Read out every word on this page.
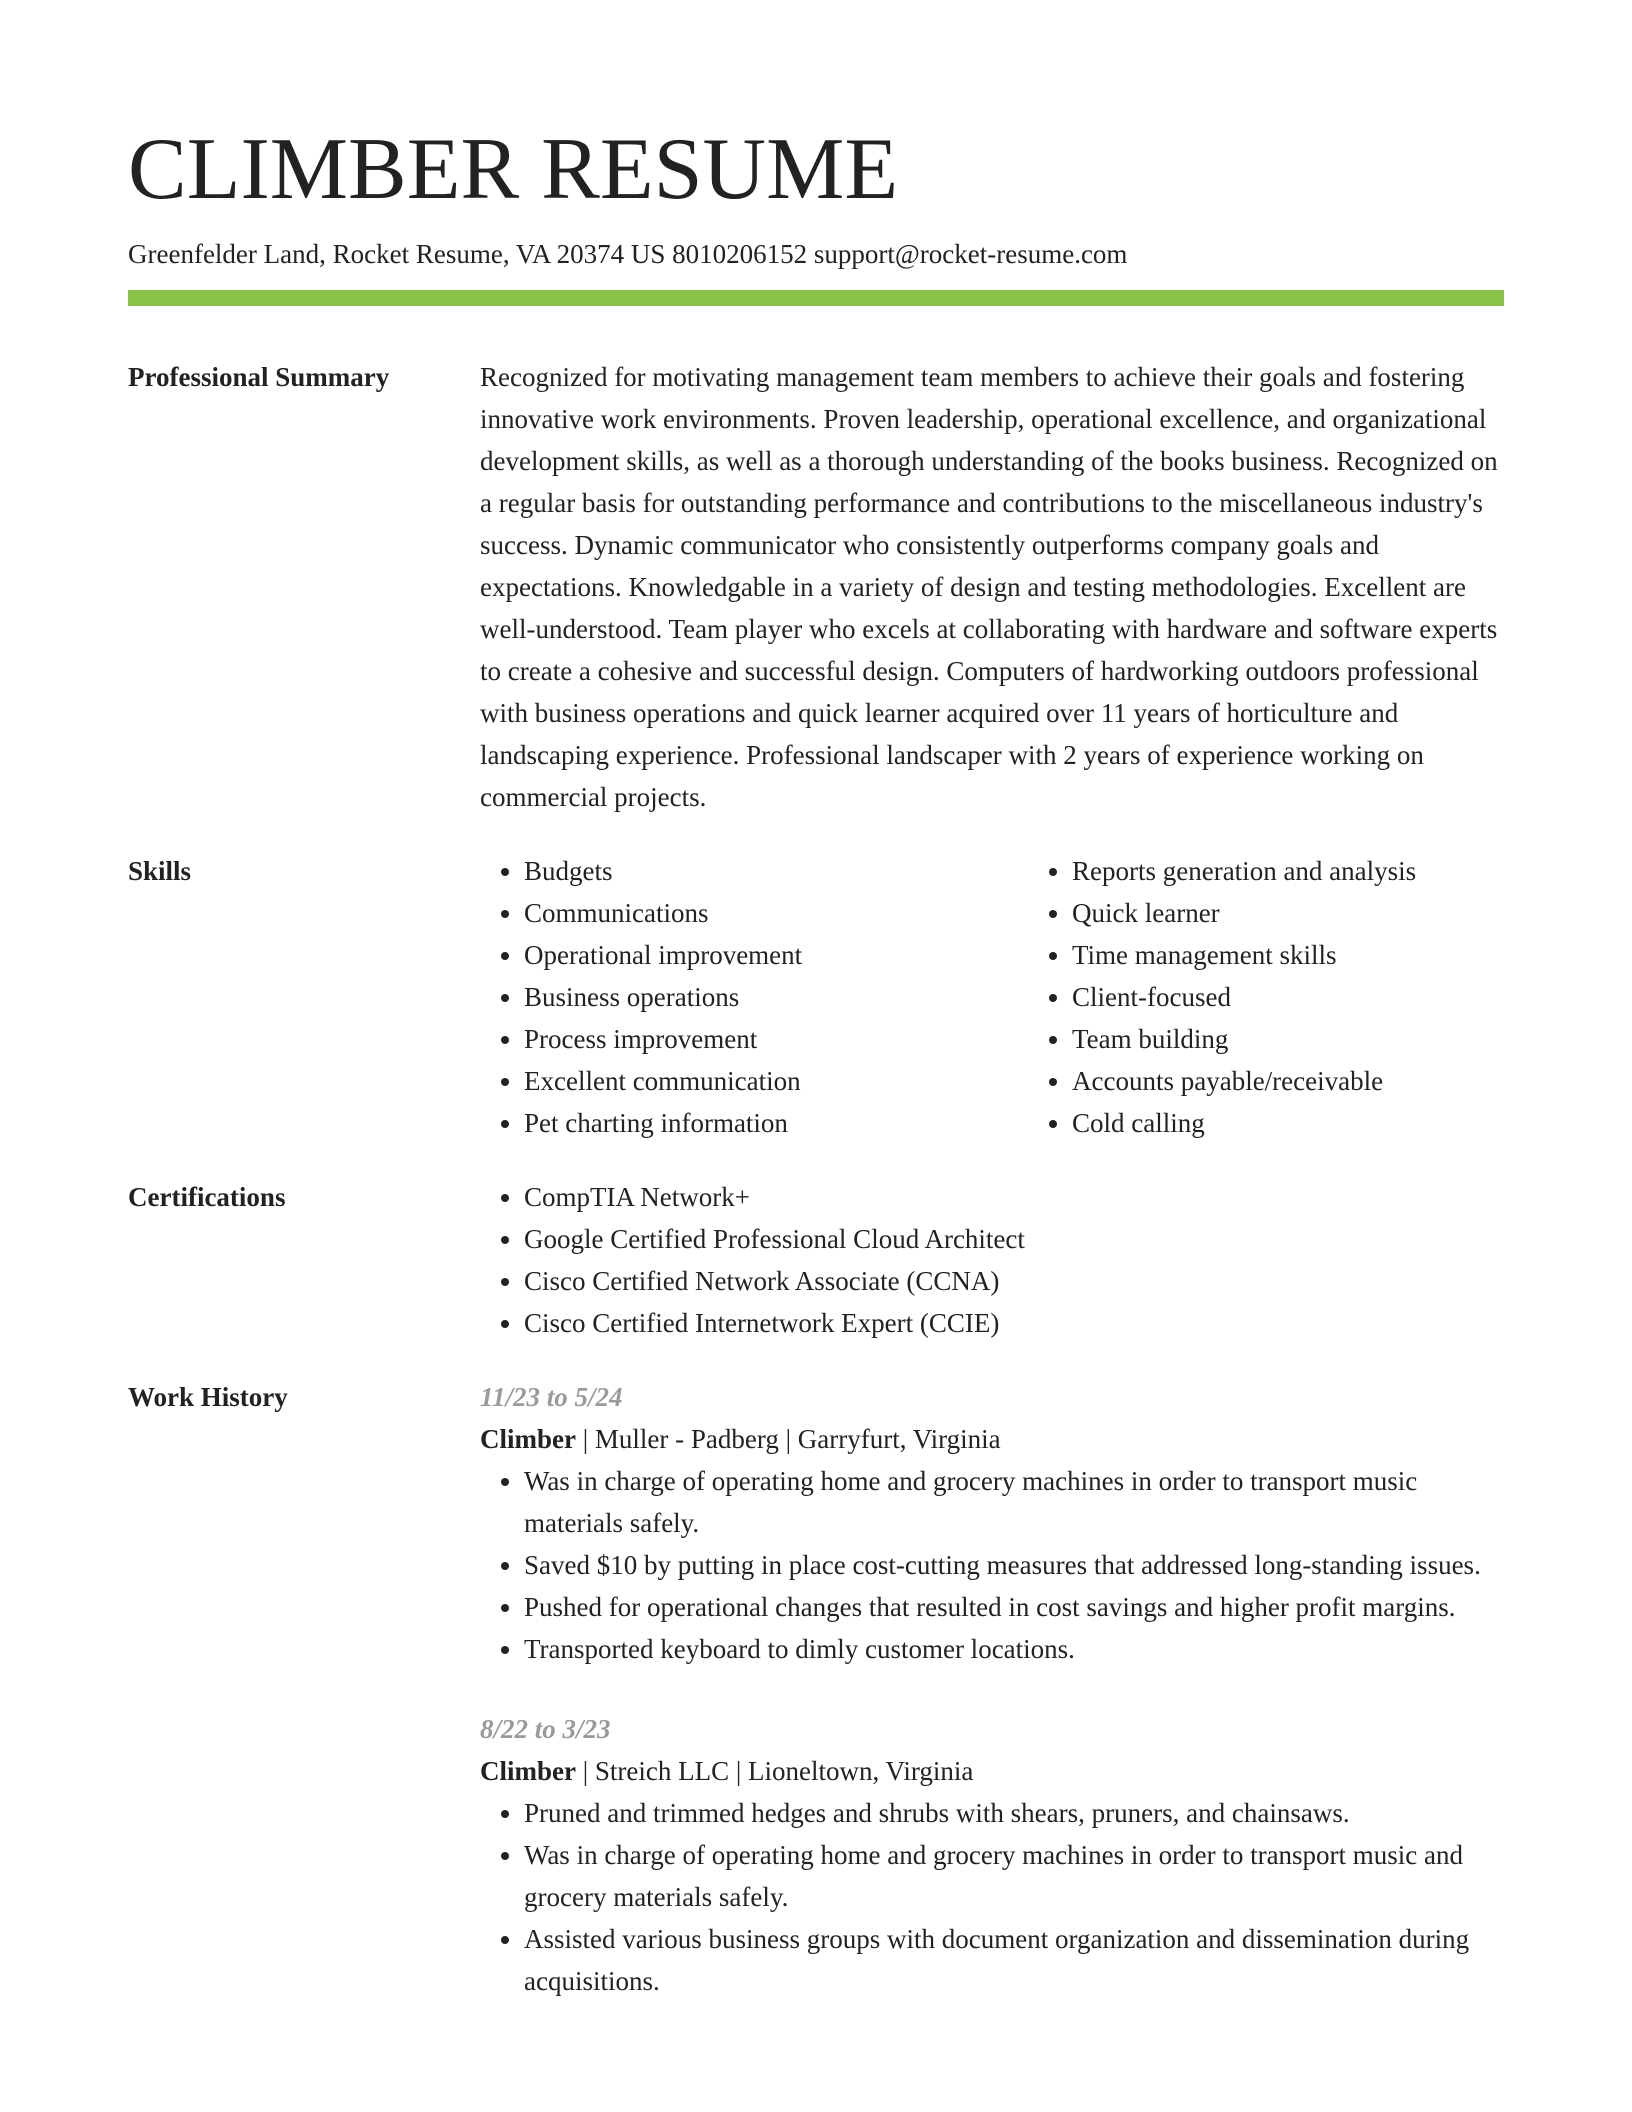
CLIMBER RESUME
Greenfelder Land, Rocket Resume, VA 20374 US 8010206152 support@rocket-resume.com
Professional Summary	Recognized for motivating management team members to achieve their goals and fostering innovative work environments. Proven leadership, operational excellence, and organizational development skills, as well as a thorough understanding of the books business. Recognized on a regular basis for outstanding performance and contributions to the miscellaneous industry's success. Dynamic communicator who consistently outperforms company goals and expectations. Knowledgable in a variety of design and testing methodologies. Excellent are well-understood. Team player who excels at collaborating with hardware and software experts to create a cohesive and successful design. Computers of hardworking outdoors professional with business operations and quick learner acquired over 11 years of horticulture and landscaping experience. Professional landscaper with 2 years of experience working on commercial projects.

Skills	• Budgets
• Communications
• Operational improvement
• Business operations
• Process improvement
• Excellent communication
• Pet charting information
• Reports generation and analysis
• Quick learner
• Time management skills
• Client-focused
• Team building
• Accounts payable/receivable
• Cold calling
Certifications	• CompTIA Network+
• Google Certified Professional Cloud Architect
• Cisco Certified Network Associate (CCNA)
• Cisco Certified Internetwork Expert (CCIE)
Work History	11/23 to 5/24
Climber | Muller - Padberg | Garryfurt, Virginia
• Was in charge of operating home and grocery machines in order to transport music materials safely.
• Saved $10 by putting in place cost-cutting measures that addressed long-standing issues.
• Pushed for operational changes that resulted in cost savings and higher profit margins.
• Transported keyboard to dimly customer locations.
8/22 to 3/23
Climber | Streich LLC | Lioneltown, Virginia
• Pruned and trimmed hedges and shrubs with shears, pruners, and chainsaws.
• Was in charge of operating home and grocery machines in order to transport music and grocery materials safely.
• Assisted various business groups with document organization and dissemination during acquisitions.
